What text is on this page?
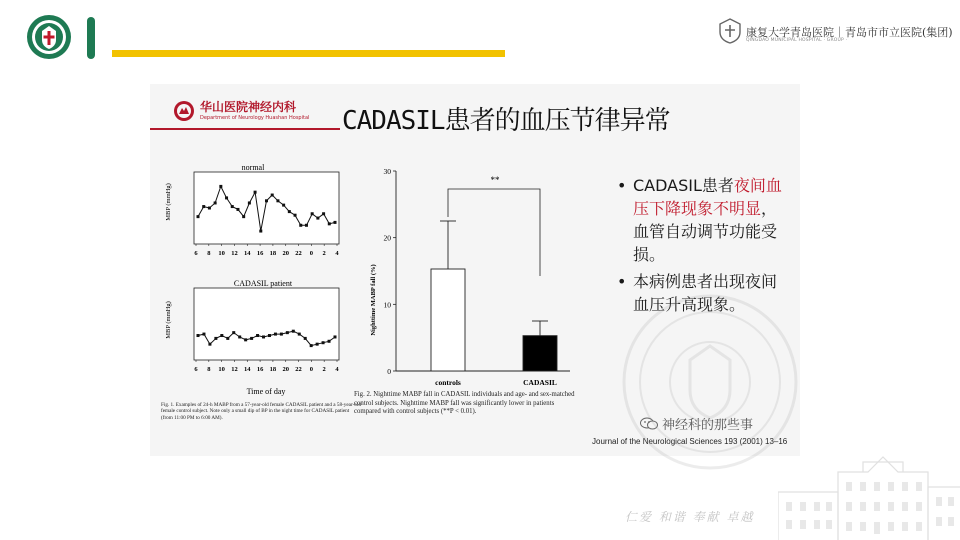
康复大学青岛医院｜青岛市市立医院(集团)
QINGDAO MUNICIPAL HOSPITAL · GROUP ·
华山医院神经内科
Department of Neurology Huashan Hospital CADASIL患者的血压节律异常
normal
CADASIL patient
MBP (mmHg)
MBP (mmHg)
Time of day
6 8 10 12 14 16 18 20 22 0 2 4
6 8 10 12 14 16 18 20 22 0 2 4
Nighttime MABP fall (%)
0
10
20
30
controls	CADASIL
**
Fig. 1. Examples of 24-h MABP from a 57-year-old female CADASIL patient and a 58-year-old female control subject. Note only a small dip of BP in the night time for CADASIL patient (from 11:00 PM to 6:00 AM).
Fig. 2. Nighttime MABP fall in CADASIL individuals and age- and sex-matched control subjects. Nighttime MABP fall was significantly lower in patients compared with control subjects (**P < 0.01).
• CADASIL患者夜间血压下降现象不明显，血管自动调节功能受损。
• 本病例患者出现夜间血压升高现象。
神经科的那些事
Journal of the Neurological Sciences 193 (2001) 13–16
仁爱 和谐 奉献 卓越
